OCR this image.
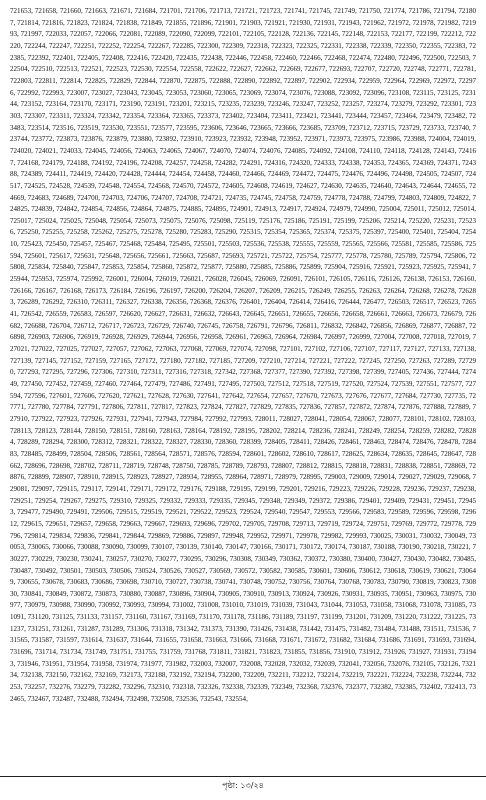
721653, 721658, 721660, 721663, 721671, 721684, 721701, 721706, 721713, 721721, 721723, 721741, 721745, 721749, 721750, 721774, 721786, 721794, 721807, 721814, 721816, 721823, 721824, 721838, 721849, 721855, 721896, 721901, 721903, 721921, 721930, 721931, 721943, 721962, 721972, 721978, 721982, 721993, 721997, 722033, 722057, 722066, 722081, 722089, 722090, 722099, 722101, 722105, 722128, 722136, 722145, 722148, 722153, 722177, 722199, 722212, 722220, 722244, 722247, 722251, 722252, 722254, 722267, 722285, 722300, 722309, 722318, 722323, 722325, 722331, 722338, 722339, 722350, 722355, 722383, 722385, 722392, 722401, 722405, 722408, 722416, 722420, 722435, 722438, 722446, 722458, 722460, 722466, 722468, 722474, 722480, 722496, 722500, 722503, 722504, 722510, 722513, 722521, 722523, 722530, 722554, 722558, 722622, 722627, 722662, 722669, 722677, 722693, 722707, 722720, 722748, 722771, 722781, 722803, 722811, 722814, 722825, 722829, 722844, 722870, 722875, 722888, 722890, 722892, 722897, 722902, 722934, 722959, 722964, 722969, 722972, 722976, 722992, 722993, 723007, 723027, 723043, 723045, 723053, 723060, 723065, 723069, 723074, 723076, 723088, 723092, 723096, 723108, 723115, 723125, 723144, 723152, 723164, 723170, 723171, 723190, 723191, 723201, 723215, 723235, 723239, 723246, 723247, 723252, 723257, 723274, 723279, 723292, 723301, 723303, 723307, 723311, 723324, 723342, 723354, 723364, 723365, 723373, 723402, 723404, 723411, 723421, 723441, 723444, 723457, 723464, 723479, 723482, 723483, 723514, 723516, 723519, 723530, 723551, 723577, 723595, 723606, 723646, 723665, 723666, 723685, 723709, 723712, 723715, 723729, 723733, 723740, 723744, 723772, 723873, 723876, 723879, 723880, 723892, 723910, 723923, 723932, 723948, 723952, 723971, 723973, 723975, 723986, 723988, 724004, 724019, 724020, 724021, 724033, 724045, 724056, 724063, 724065, 724067, 724070, 724074, 724076, 724085, 724092, 724108, 724110, 724118, 724128, 724143, 724167, 724168, 724179, 724188, 724192, 724196, 724208, 724257, 724258, 724282, 724291, 724316, 724320, 724333, 724338, 724353, 724365, 724369, 724371, 724388, 724389, 724411, 724419, 724420, 724428, 724444, 724454, 724458, 724460, 724466, 724469, 724472, 724475, 724476, 724496, 724498, 724505, 724507, 724517, 724525, 724528, 724539, 724548, 724554, 724568, 724570, 724572, 724605, 724608, 724619, 724627, 724630, 724635, 724640, 724643, 724644, 724655, 724669, 724683, 724689, 724700, 724703, 724706, 724707, 724708, 724721, 724735, 724745, 724758, 724759, 724778, 724788, 724799, 724803, 724809, 724822, 724825, 724839, 724842, 724854, 724856, 724864, 724875, 724885, 724895, 724901, 724913, 724917, 724924, 724979, 724990, 725004, 725011, 725012, 725014, 725017, 725024, 725025, 725048, 725054, 725073, 725075, 725076, 725098, 725119, 725176, 725186, 725191, 725199, 725206, 725214, 725220, 725231, 725236, 725250, 725255, 725258, 725262, 725275, 725278, 725280, 725283, 725290, 725315, 725354, 725365, 725374, 725375, 725397, 725400, 725401, 725404, 725410, 725423, 725450, 725457, 725467, 725468, 725484, 725495, 725501, 725503, 725536, 725538, 725555, 725559, 725565, 725566, 725581, 725585, 725586, 725594, 725601, 725617, 725631, 725648, 725656, 725661, 725663, 725687, 725693, 725721, 725722, 725754, 725777, 725778, 725780, 725789, 725794, 725806, 725808, 725834, 725840, 725847, 725853, 725854, 725860, 725872, 725877, 725880, 725885, 725886, 725899, 725904, 725916, 725921, 725923, 725925, 725941, 725944, 725953, 725974, 725992, 726001, 726004, 726019, 726021, 726028, 726045, 726069, 726091, 726101, 726105, 726116, 726126, 726138, 726153, 726160, 726166, 726167, 726168, 726173, 726184, 726196, 726197, 726200, 726204, 726207, 726209, 726215, 726249, 726255, 726263, 726264, 726268, 726278, 726283, 726289, 726292, 726310, 726311, 726327, 726338, 726356, 726368, 726376, 726401, 726404, 726414, 726416, 726444, 726477, 726503, 726517, 726523, 726541, 726542, 726559, 726583, 726597, 726620, 726627, 726631, 726632, 726643, 726645, 726651, 726655, 726656, 726658, 726661, 726663, 726673, 726679, 726682, 726688, 726704, 726712, 726717, 726723, 726729, 726740, 726745, 726758, 726791, 726796, 726811, 726832, 726842, 726856, 726869, 726877, 726887, 726898, 726903, 726906, 726919, 726928, 726929, 726944, 726956, 726958, 726961, 726963, 726964, 726984, 726997, 726999, 727004, 727008, 727018, 727019, 727021, 727022, 727025, 727027, 727057, 727062, 727063, 727068, 727069, 727074, 727098, 727101, 727102, 727106, 727107, 727117, 727127, 727133, 727138, 727139, 727145, 727152, 727159, 727165, 727172, 727180, 727182, 727185, 727209, 727210, 727214, 727221, 727222, 727245, 727250, 727263, 727289, 727290, 727293, 727295, 727296, 727306, 727310, 727311, 727316, 727318, 727342, 727368, 727377, 727390, 727392, 727398, 727399, 727405, 727436, 727444, 727449, 727450, 727452, 727459, 727460, 727464, 727479, 727486, 727491, 727495, 727503, 727512, 727518, 727519, 727520, 727524, 727539, 727551, 727577, 727594, 727596, 727601, 727606, 727620, 727621, 727628, 727630, 727641, 727642, 727654, 727657, 727670, 727673, 727676, 727677, 727684, 727730, 727735, 727771, 727780, 727784, 727791, 727806, 727811, 727817, 727823, 727824, 727827, 727829, 727835, 727836, 727857, 727872, 727874, 727876, 727888, 727889, 727910, 727922, 727923, 727926, 727931, 727941, 727943, 727984, 727992, 727993, 728011, 728027, 728041, 728054, 728067, 728077, 728101, 728102, 728103, 728113, 728123, 728144, 728150, 728151, 728160, 728163, 728164, 728192, 728195, 728202, 728214, 728236, 728241, 728249, 728254, 728259, 728282, 728284, 728289, 728294, 728300, 728312, 728321, 728322, 728327, 728330, 728360, 728399, 728405, 728411, 728426, 728461, 728463, 728474, 728476, 728478, 728483, 728485, 728499, 728504, 728506, 728561, 728564, 728571, 728576, 728594, 728601, 728602, 728610, 728617, 728625, 728634, 728635, 728645, 728647, 728662, 728696, 728698, 728702, 728711, 728719, 728748, 728750, 728785, 728789, 728793, 728807, 728812, 728815, 728818, 728831, 728838, 728851, 728869, 728876, 728899, 728907, 728910, 728915, 728923, 728927, 728934, 728955, 728964, 728971, 728979, 728995, 729003, 729009, 729014, 729027, 729029, 729068, 729081, 729097, 729115, 729117, 729141, 729171, 729172, 729176, 729188, 729195, 729199, 729201, 729216, 729223, 729226, 729228, 729236, 729237, 729238, 729251, 729254, 729267, 729275, 729310, 729325, 729332, 729333, 729335, 729345, 729348, 729349, 729372, 729386, 729401, 729409, 729431, 729451, 729453, 729477, 729490, 729491, 729506, 729515, 729519, 729521, 729522, 729523, 729524, 729540, 729547, 729553, 729566, 729583, 729589, 729596, 729598, 729612, 729615, 729651, 729657, 729658, 729663, 729667, 729693, 729696, 729702, 729705, 729708, 729713, 729719, 729724, 729751, 729769, 729772, 729778, 729796, 729814, 729834, 729836, 729841, 729844, 729869, 729886, 729897, 729948, 729952, 729971, 729978, 729982, 729993, 730025, 730031, 730032, 730049, 730053, 730065, 730066, 730088, 730090, 730099, 730107, 730139, 730140, 730147, 730166, 730171, 730172, 730174, 730187, 730188, 730190, 730218, 730221, 730227, 730229, 730230, 730241, 730257, 730270, 730277, 730295, 730296, 730308, 730349, 730362, 730372, 730380, 730400, 730427, 730430, 730482, 730485, 730487, 730492, 730501, 730503, 730506, 730524, 730526, 730527, 730569, 730572, 730582, 730585, 730601, 730606, 730612, 730618, 730619, 730621, 730649, 730655, 730678, 730683, 730686, 730698, 730710, 730727, 730738, 730741, 730748, 730752, 730756, 730764, 730768, 730783, 730790, 730819, 730823, 730830, 730841, 730849, 730872, 730873, 730880, 730887, 730896, 730904, 730905, 730910, 730913, 730924, 730926, 730931, 730935, 730951, 730963, 730975, 730977, 730979, 730988, 730990, 730992, 730993, 730994, 731002, 731008, 731010, 731019, 731039, 731043, 731044, 731053, 731058, 731068, 731078, 731085, 731091, 731120, 731125, 731133, 731157, 731160, 731167, 731169, 731170, 731178, 731186, 731189, 731197, 731199, 731201, 731209, 731220, 731222, 731225, 731237, 731251, 731261, 731287, 731289, 731306, 731318, 731342, 731373, 731390, 731426, 731438, 731442, 731475, 731482, 731484, 731488, 731511, 731536, 731565, 731587, 731597, 731614, 731637, 731644, 731655, 731658, 731663, 731666, 731668, 731671, 731672, 731682, 731684, 731686, 731691, 731693, 731694, 731696, 731714, 731734, 731749, 731751, 731755, 731759, 731768, 731811, 731821, 731823, 731855, 731856, 731910, 731912, 731926, 731927, 731931, 731943, 731946, 731951, 731954, 731958, 731974, 731977, 731982, 732003, 732007, 732008, 732028, 732032, 732039, 732041, 732056, 732076, 732105, 732126, 732134, 732138, 732150, 732162, 732169, 732173, 732188, 732192, 732194, 732200, 732209, 732211, 732212, 732214, 732219, 732221, 732224, 732238, 732244, 732253, 732257, 732276, 732279, 732282, 732296, 732310, 732318, 732326, 732338, 732339, 732349, 732368, 732376, 732377, 732382, 732385, 732402, 732413, 732465, 732467, 732487, 732488, 732494, 732498, 732508, 732536, 732543, 732554,

পৃষ্ঠা: ১৩/২৪
